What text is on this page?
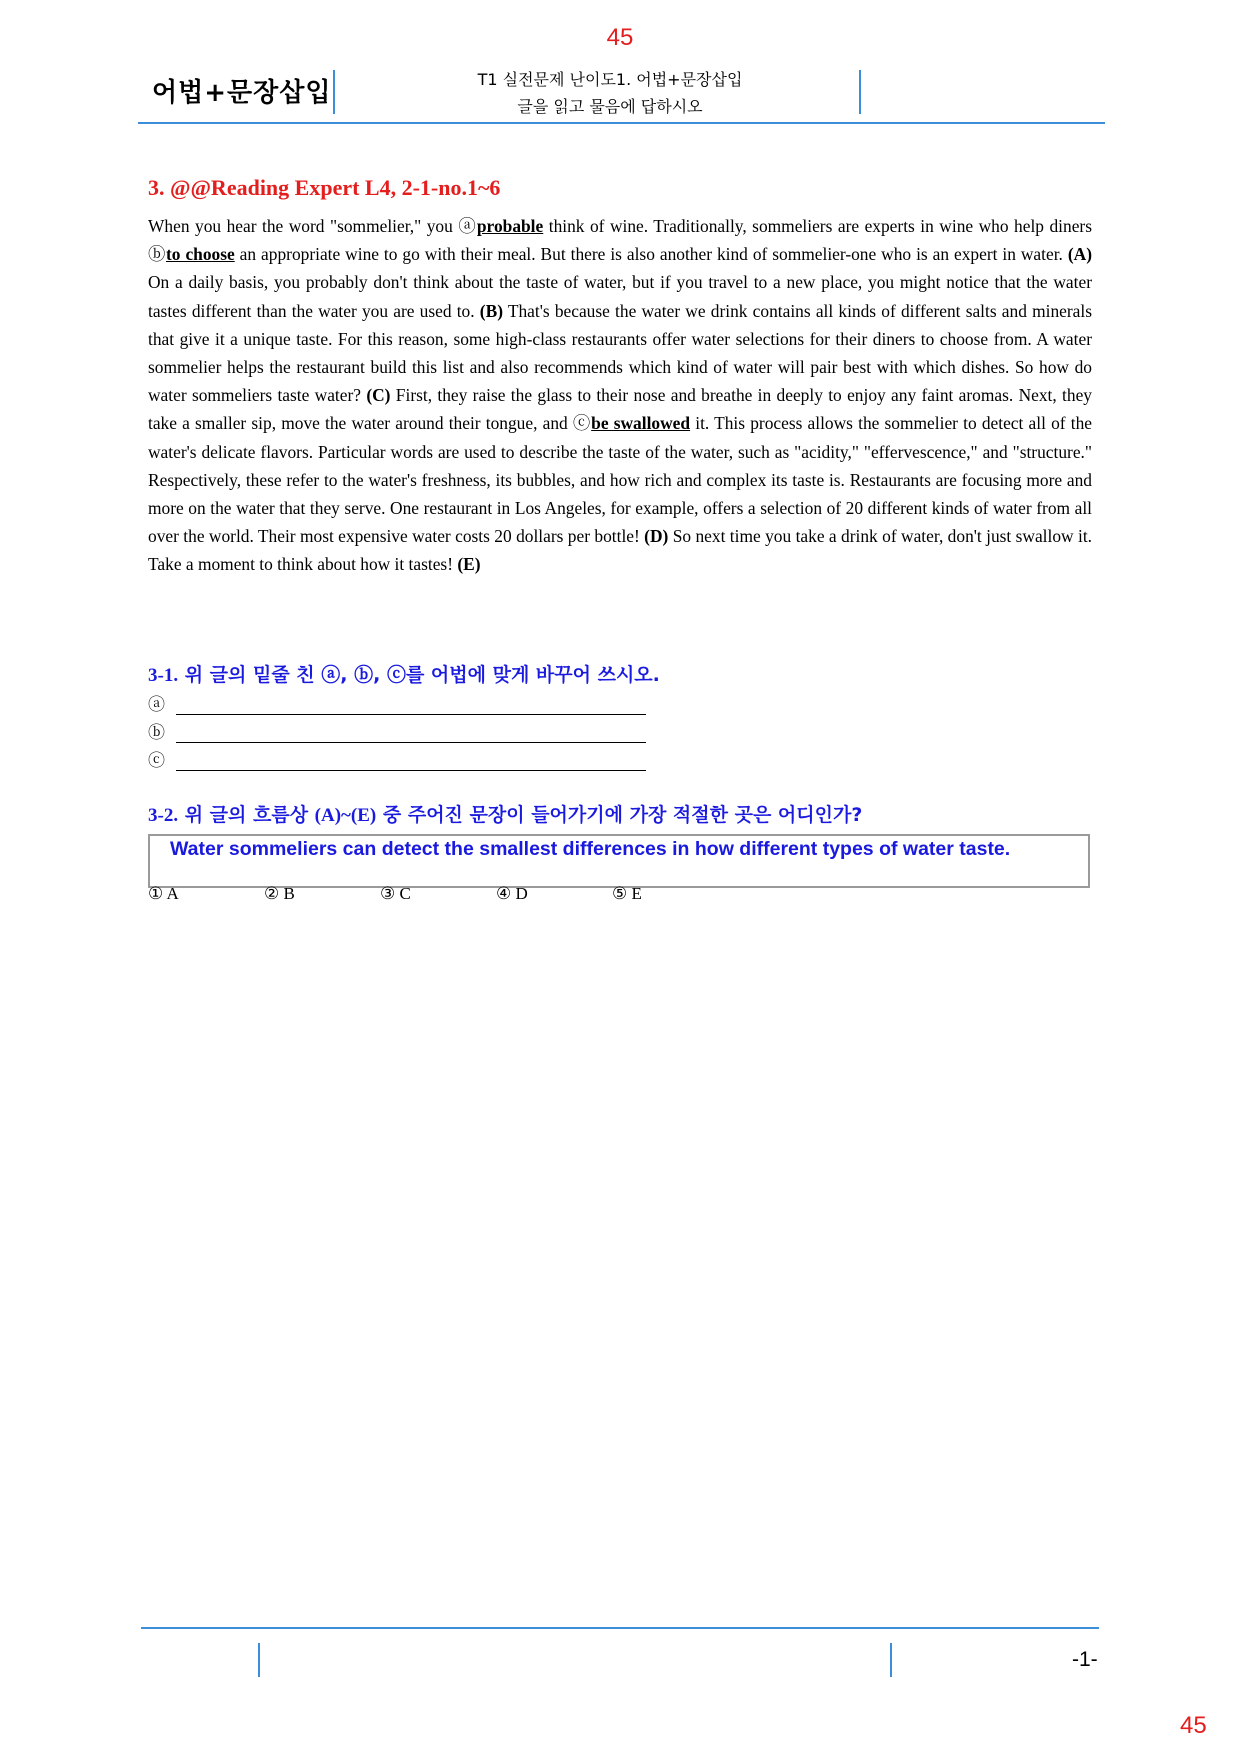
45
어법+문장삽입	T1 실전문제 난이도1. 어법+문장삽입
글을 읽고 물음에 답하시오
3. @@Reading Expert L4, 2-1-no.1~6
When you hear the word "sommelier," you ⓐprobable think of wine. Traditionally, sommeliers are experts in wine who help diners ⓑto choose an appropriate wine to go with their meal. But there is also another kind of sommelier-one who is an expert in water. (A) On a daily basis, you probably don't think about the taste of water, but if you travel to a new place, you might notice that the water tastes different than the water you are used to. (B) That's because the water we drink contains all kinds of different salts and minerals that give it a unique taste. For this reason, some high-class restaurants offer water selections for their diners to choose from. A water sommelier helps the restaurant build this list and also recommends which kind of water will pair best with which dishes. So how do water sommeliers taste water? (C) First, they raise the glass to their nose and breathe in deeply to enjoy any faint aromas. Next, they take a smaller sip, move the water around their tongue, and ⓒbe swallowed it. This process allows the sommelier to detect all of the water's delicate flavors. Particular words are used to describe the taste of the water, such as "acidity," "effervescence," and "structure." Respectively, these refer to the water's freshness, its bubbles, and how rich and complex its taste is. Restaurants are focusing more and more on the water that they serve. One restaurant in Los Angeles, for example, offers a selection of 20 different kinds of water from all over the world. Their most expensive water costs 20 dollars per bottle! (D) So next time you take a drink of water, don't just swallow it. Take a moment to think about how it tastes! (E)
3-1. 위 글의 밑줄 친 ⓐ, ⓑ, ⓒ를 어법에 맞게 바꾸어 쓰시오.
ⓐ
ⓑ
ⓒ
3-2. 위 글의 흐름상 (A)~(E) 중 주어진 문장이 들어가기에 가장 적절한 곳은 어디인가?
Water sommeliers can detect the smallest differences in how different types of water taste.
① A	② B	③ C	④ D	⑤ E
-1-
45
